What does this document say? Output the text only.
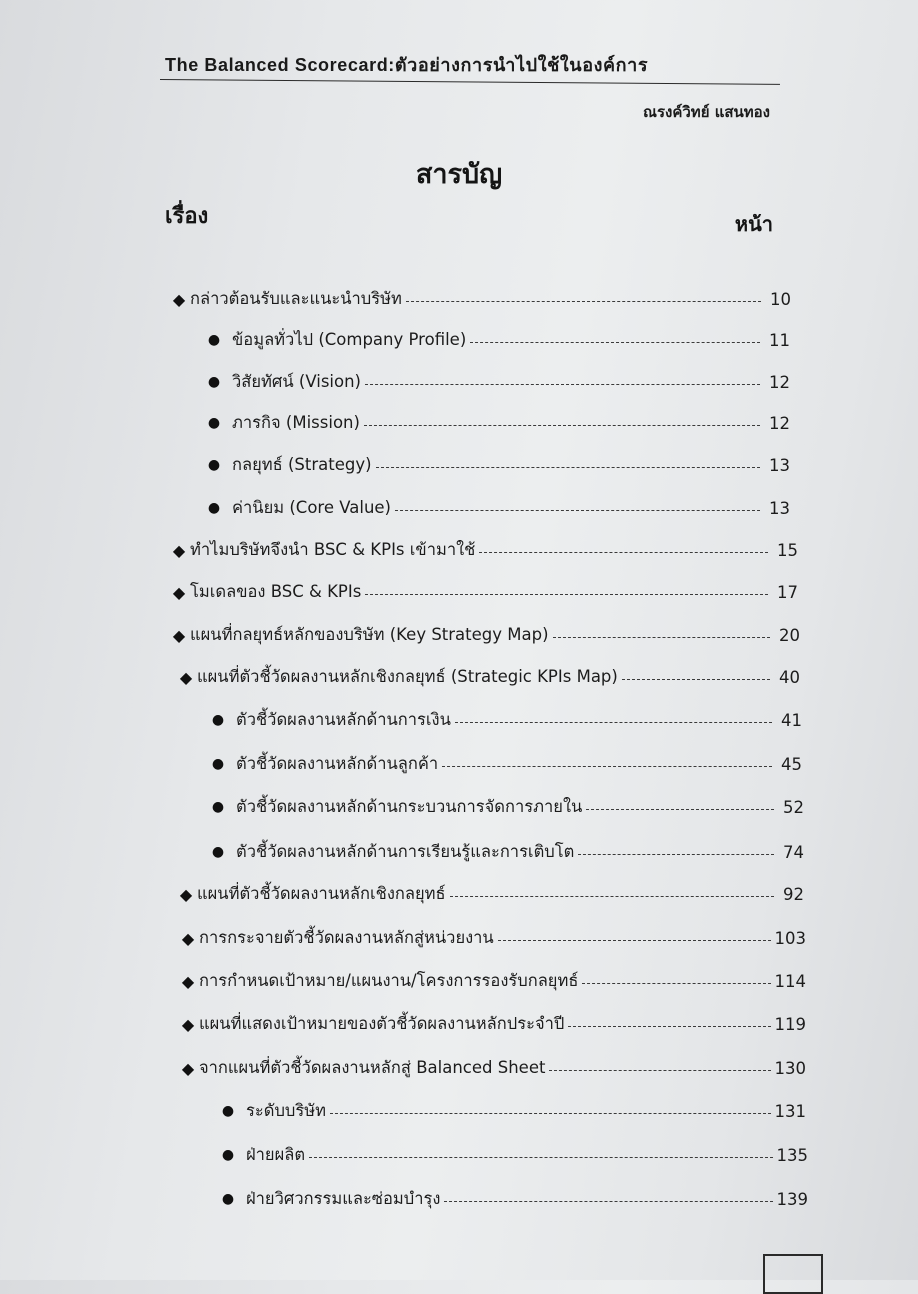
The Balanced Scorecard:ตัวอย่างการนำไปใช้ในองค์การ
ณรงค์วิทย์ แสนทอง
สารบัญ
เรื่อง	หน้า
◆ กล่าวต้อนรับและแนะนำบริษัท	10
● ข้อมูลทั่วไป (Company Profile)	11
● วิสัยทัศน์ (Vision)	12
● ภารกิจ (Mission)	12
● กลยุทธ์ (Strategy)	13
● ค่านิยม (Core Value)	13
◆ ทำไมบริษัทจึงนำ BSC & KPIs เข้ามาใช้	15
◆ โมเดลของ BSC & KPIs	17
◆ แผนที่กลยุทธ์หลักของบริษัท (Key Strategy Map)	20
◆ แผนที่ตัวชี้วัดผลงานหลักเชิงกลยุทธ์ (Strategic KPIs Map)	40
● ตัวชี้วัดผลงานหลักด้านการเงิน	41
● ตัวชี้วัดผลงานหลักด้านลูกค้า	45
● ตัวชี้วัดผลงานหลักด้านกระบวนการจัดการภายใน	52
● ตัวชี้วัดผลงานหลักด้านการเรียนรู้และการเติบโต	74
◆ แผนที่ตัวชี้วัดผลงานหลักเชิงกลยุทธ์	92
◆ การกระจายตัวชี้วัดผลงานหลักสู่หน่วยงาน	103
◆ การกำหนดเป้าหมาย/แผนงาน/โครงการรองรับกลยุทธ์	114
◆ แผนที่แสดงเป้าหมายของตัวชี้วัดผลงานหลักประจำปี	119
◆ จากแผนที่ตัวชี้วัดผลงานหลักสู่ Balanced Sheet	130
● ระดับบริษัท	131
● ฝ่ายผลิต	135
● ฝ่ายวิศวกรรมและซ่อมบำรุง	139
